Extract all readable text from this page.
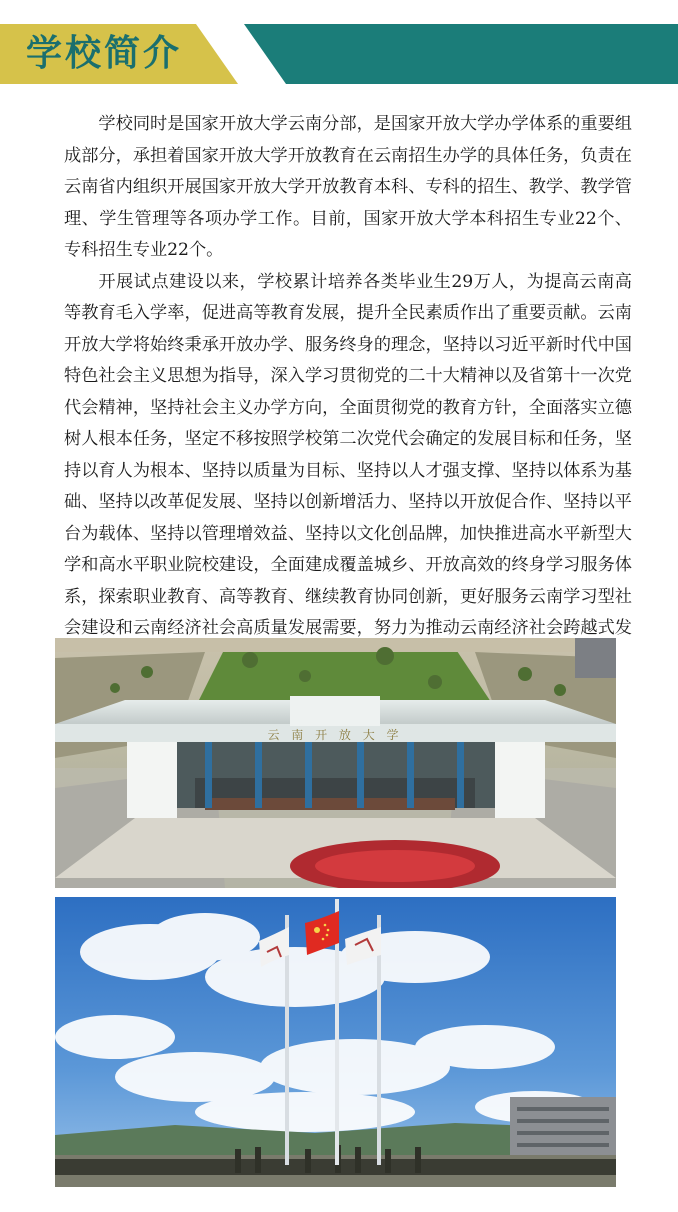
学校简介

学校同时是国家开放大学云南分部，是国家开放大学办学体系的重要组成部分，承担着国家开放大学开放教育在云南招生办学的具体任务，负责在云南省内组织开展国家开放大学开放教育本科、专科的招生、教学、教学管理、学生管理等各项办学工作。目前，国家开放大学本科招生专业22个、专科招生专业22个。

开展试点建设以来，学校累计培养各类毕业生29万人，为提高云南高等教育毛入学率，促进高等教育发展，提升全民素质作出了重要贡献。云南开放大学将始终秉承开放办学、服务终身的理念，坚持以习近平新时代中国特色社会主义思想为指导，深入学习贯彻党的二十大精神以及省第十一次党代会精神，坚持社会主义办学方向，全面贯彻党的教育方针，全面落实立德树人根本任务，坚定不移按照学校第二次党代会确定的发展目标和任务，坚持以育人为根本、坚持以质量为目标、坚持以人才强支撑、坚持以体系为基础、坚持以改革促发展、坚持以创新增活力、坚持以开放促合作、坚持以平台为载体、坚持以管理增效益、坚持以文化创品牌，加快推进高水平新型大学和高水平职业院校建设，全面建成覆盖城乡、开放高效的终身学习服务体系，探索职业教育、高等教育、继续教育协同创新，更好服务云南学习型社会建设和云南经济社会高质量发展需要，努力为推动云南经济社会跨越式发

云 南 开 放 大 学
